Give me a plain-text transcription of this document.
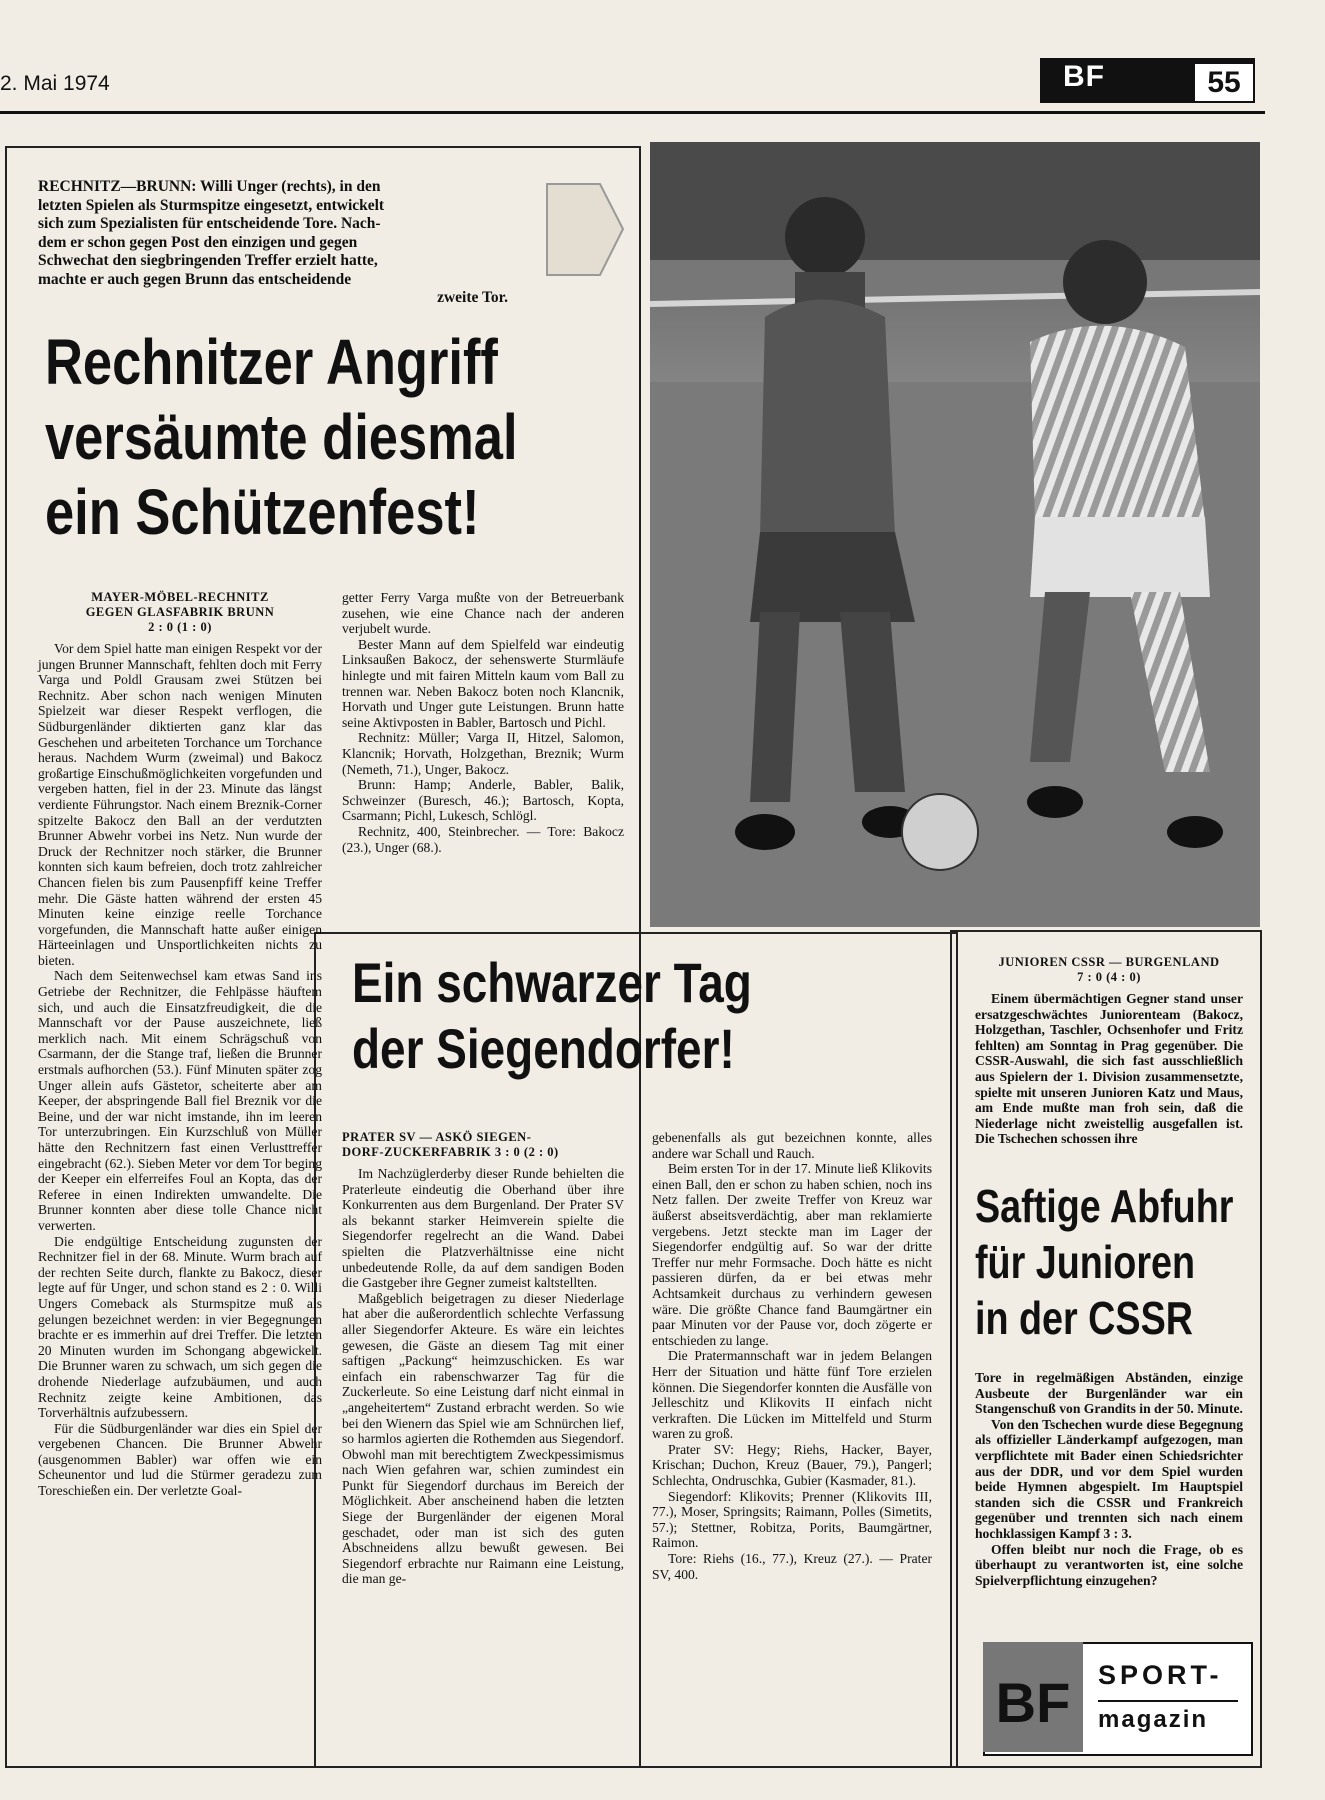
2. Mai 1974	BF	55
RECHNITZ—BRUNN: Willi Unger (rechts), in den
letzten Spielen als Sturmspitze eingesetzt, entwickelt
sich zum Spezialisten für entscheidende Tore. Nach-
dem er schon gegen Post den einzigen und gegen
Schwechat den siegbringenden Treffer erzielt hatte,
machte er auch gegen Brunn das entscheidende
zweite Tor.
Rechnitzer Angriff
versäumte diesmal
ein Schützenfest!

MAYER-MÖBEL-RECHNITZ

GEGEN GLASFABRIK BRUNN

2 : 0 (1 : 0)

Vor dem Spiel hatte man einigen Respekt vor der jungen Brunner Mannschaft, fehlten doch mit Ferry Varga und Poldl Grausam zwei Stützen bei Rechnitz. Aber schon nach wenigen Minuten Spielzeit war dieser Respekt verflogen, die Südburgenländer diktierten ganz klar das Geschehen und arbeiteten Torchance um Torchance heraus. Nachdem Wurm (zweimal) und Bakocz großartige Einschußmöglichkeiten vorgefunden und vergeben hatten, fiel in der 23. Minute das längst verdiente Führungstor. Nach einem Breznik-Corner spitzelte Bakocz den Ball an der verdutzten Brunner Abwehr vorbei ins Netz. Nun wurde der Druck der Rechnitzer noch stärker, die Brunner konnten sich kaum befreien, doch trotz zahlreicher Chancen fielen bis zum Pausenpfiff keine Treffer mehr. Die Gäste hatten während der ersten 45 Minuten keine einzige reelle Torchance vorgefunden, die Mannschaft hatte außer einigen Härteeinlagen und Unsportlichkeiten nichts zu bieten.

Nach dem Seitenwechsel kam etwas Sand ins Getriebe der Rechnitzer, die Fehlpässe häuftem sich, und auch die Einsatzfreudigkeit, die die Mannschaft vor der Pause auszeichnete, ließ merklich nach. Mit einem Schrägschuß von Csarmann, der die Stange traf, ließen die Brunner erstmals aufhorchen (53.). Fünf Minuten später zog Unger allein aufs Gästetor, scheiterte aber am Keeper, der abspringende Ball fiel Breznik vor die Beine, und der war nicht imstande, ihn im leeren Tor unterzubringen. Ein Kurzschluß von Müller hätte den Rechnitzern fast einen Verlusttreffer eingebracht (62.). Sieben Meter vor dem Tor beging der Keeper ein elferreifes Foul an Kopta, das der Referee in einen Indirekten umwandelte. Die Brunner konnten aber diese tolle Chance nicht verwerten.

Die endgültige Entscheidung zugunsten der Rechnitzer fiel in der 68. Minute. Wurm brach auf der rechten Seite durch, flankte zu Bakocz, dieser legte auf für Unger, und schon stand es 2 : 0. Willi Ungers Comeback als Sturmspitze muß als gelungen bezeichnet werden: in vier Begegnungen brachte er es immerhin auf drei Treffer. Die letzten 20 Minuten wurden im Schongang abgewickelt. Die Brunner waren zu schwach, um sich gegen die drohende Niederlage aufzubäumen, und auch Rechnitz zeigte keine Ambitionen, das Torverhältnis aufzubessern.

Für die Südburgenländer war dies ein Spiel der vergebenen Chancen. Die Brunner Abwehr (ausgenommen Babler) war offen wie ein Scheunentor und lud die Stürmer geradezu zum Toreschießen ein. Der verletzte Goal-

getter Ferry Varga mußte von der Betreuerbank zusehen, wie eine Chance nach der anderen verjubelt wurde.

Bester Mann auf dem Spielfeld war eindeutig Linksaußen Bakocz, der sehenswerte Sturmläufe hinlegte und mit fairen Mitteln kaum vom Ball zu trennen war. Neben Bakocz boten noch Klancnik, Horvath und Unger gute Leistungen. Brunn hatte seine Aktivposten in Babler, Bartosch und Pichl.

Rechnitz: Müller; Varga II, Hitzel, Salomon, Klancnik; Horvath, Holzgethan, Breznik; Wurm (Nemeth, 71.), Unger, Bakocz.

Brunn: Hamp; Anderle, Babler, Balik, Schweinzer (Buresch, 46.); Bartosch, Kopta, Csarmann; Pichl, Lukesch, Schlögl.

Rechnitz, 400, Steinbrecher. — Tore: Bakocz (23.), Unger (68.).

Ein schwarzer Tag
der Siegendorfer!

PRATER SV — ASKÖ SIEGEN-

DORF-ZUCKERFABRIK 3 : 0 (2 : 0)

Im Nachzüglerderby dieser Runde behielten die Praterleute eindeutig die Oberhand über ihre Konkurrenten aus dem Burgenland. Der Prater SV als bekannt starker Heimverein spielte die Siegendorfer regelrecht an die Wand. Dabei spielten die Platzverhältnisse eine nicht unbedeutende Rolle, da auf dem sandigen Boden die Gastgeber ihre Gegner zumeist kaltstellten.

Maßgeblich beigetragen zu dieser Niederlage hat aber die außerordentlich schlechte Verfassung aller Siegendorfer Akteure. Es wäre ein leichtes gewesen, die Gäste an diesem Tag mit einer saftigen „Packung“ heimzuschicken. Es war einfach ein rabenschwarzer Tag für die Zuckerleute. So eine Leistung darf nicht einmal in „angeheitertem“ Zustand erbracht werden. So wie bei den Wienern das Spiel wie am Schnürchen lief, so harmlos agierten die Rothemden aus Siegendorf. Obwohl man mit berechtigtem Zweckpessimismus nach Wien gefahren war, schien zumindest ein Punkt für Siegendorf durchaus im Bereich der Möglichkeit. Aber anscheinend haben die letzten Siege der Burgenländer der eigenen Moral geschadet, oder man ist sich des guten Abschneidens allzu bewußt gewesen. Bei Siegendorf erbrachte nur Raimann eine Leistung, die man ge-

gebenenfalls als gut bezeichnen konnte, alles andere war Schall und Rauch.

Beim ersten Tor in der 17. Minute ließ Klikovits einen Ball, den er schon zu haben schien, noch ins Netz fallen. Der zweite Treffer von Kreuz war äußerst abseitsverdächtig, aber man reklamierte vergebens. Jetzt steckte man im Lager der Siegendorfer endgültig auf. So war der dritte Treffer nur mehr Formsache. Doch hätte es nicht passieren dürfen, da er bei etwas mehr Achtsamkeit durchaus zu verhindern gewesen wäre. Die größte Chance fand Baumgärtner ein paar Minuten vor der Pause vor, doch zögerte er entschieden zu lange.

Die Pratermannschaft war in jedem Belangen Herr der Situation und hätte fünf Tore erzielen können. Die Siegendorfer konnten die Ausfälle von Jelleschitz und Klikovits II einfach nicht verkraften. Die Lücken im Mittelfeld und Sturm waren zu groß.

Prater SV: Hegy; Riehs, Hacker, Bayer, Krischan; Duchon, Kreuz (Bauer, 79.), Pangerl; Schlechta, Ondruschka, Gubier (Kasmader, 81.).

Siegendorf: Klikovits; Prenner (Klikovits III, 77.), Moser, Springsits; Raimann, Polles (Simetits, 57.); Stettner, Robitza, Porits, Baumgärtner, Raimon.

Tore: Riehs (16., 77.), Kreuz (27.). — Prater SV, 400.

JUNIOREN CSSR — BURGENLAND

7 : 0 (4 : 0)

Einem übermächtigen Gegner stand unser ersatzgeschwächtes Juniorenteam (Bakocz, Holzgethan, Taschler, Ochsenhofer und Fritz fehlten) am Sonntag in Prag gegenüber. Die CSSR-Auswahl, die sich fast ausschließlich aus Spielern der 1. Division zusammensetzte, spielte mit unseren Junioren Katz und Maus, am Ende mußte man froh sein, daß die Niederlage nicht zweistellig ausgefallen ist. Die Tschechen schossen ihre

Saftige Abfuhr
für Junioren
in der CSSR

Tore in regelmäßigen Abständen, einzige Ausbeute der Burgenländer war ein Stangenschuß von Grandits in der 50. Minute.

Von den Tschechen wurde diese Begegnung als offizieller Länderkampf aufgezogen, man verpflichtete mit Bader einen Schiedsrichter aus der DDR, und vor dem Spiel wurden beide Hymnen abgespielt. Im Hauptspiel standen sich die CSSR und Frankreich gegenüber und trennten sich nach einem hochklassigen Kampf 3 : 3.

Offen bleibt nur noch die Frage, ob es überhaupt zu verantworten ist, eine solche Spielverpflichtung einzugehen?

BF SPORT-
magazin
